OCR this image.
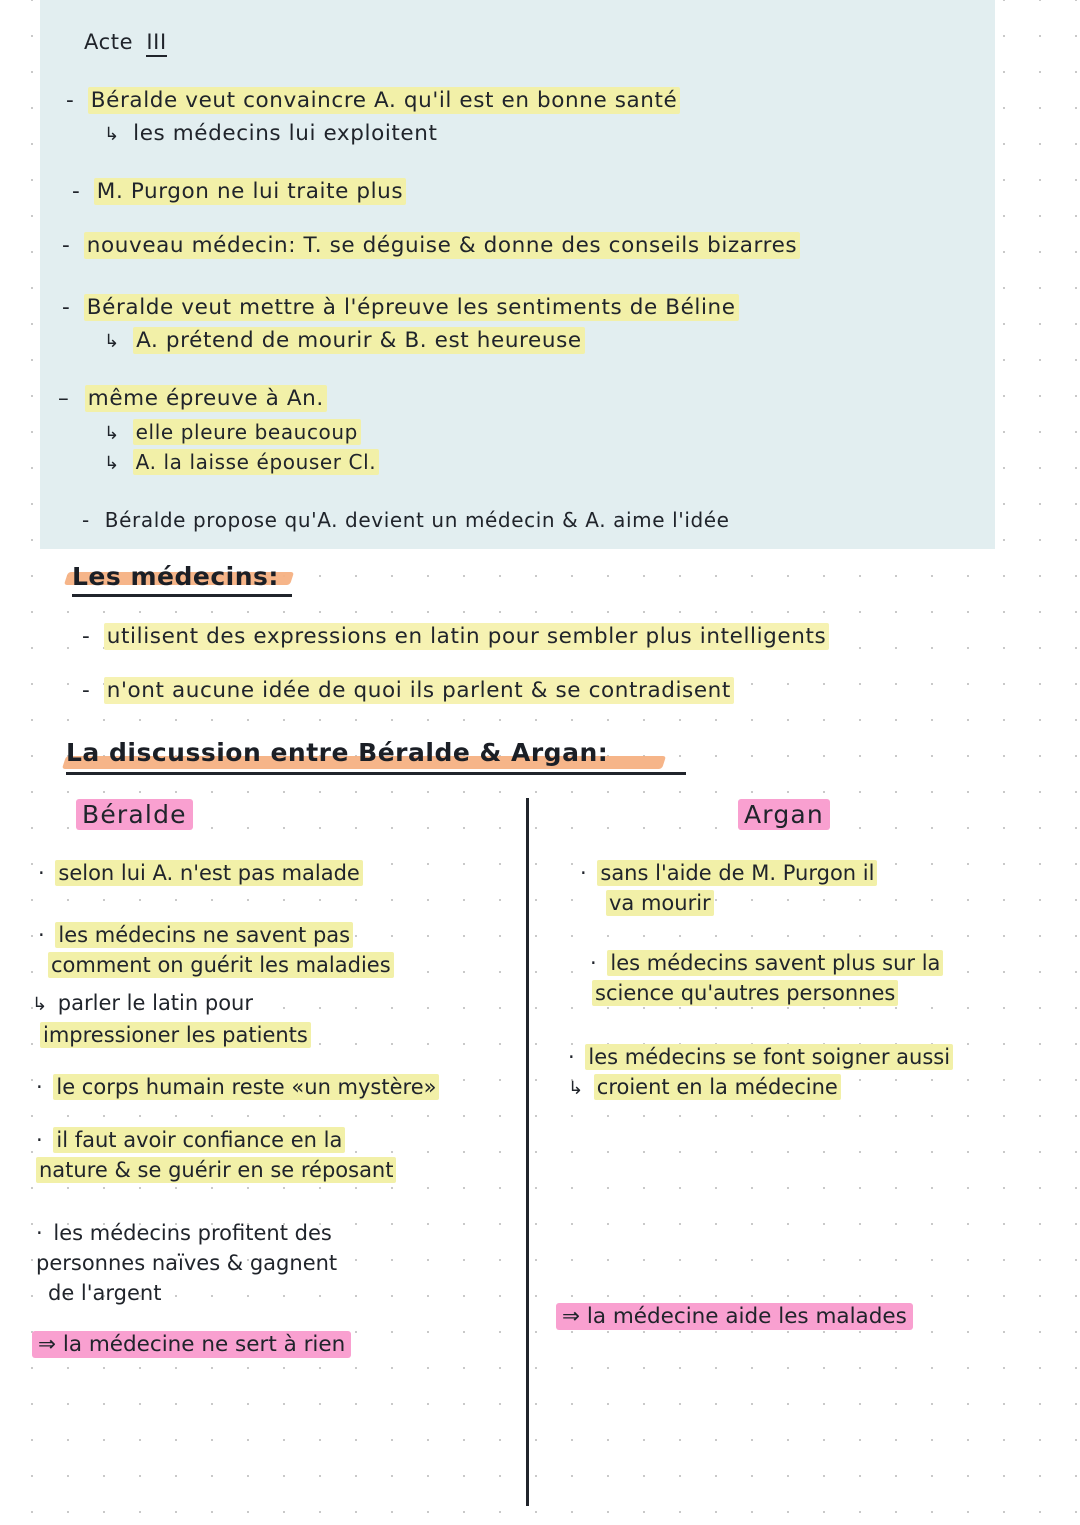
Acte III
- Béralde veut convaincre A. qu'il est en bonne santé
↳ les médecins lui exploitent
- M. Purgon ne lui traite plus
- nouveau médecin: T. se déguise & donne des conseils bizarres
- Béralde veut mettre à l'épreuve les sentiments de Béline
↳ A. prétend de mourir & B. est heureuse
– même épreuve à An.
↳ elle pleure beaucoup
↳ A. la laisse épouser Cl.
- Béralde propose qu'A. devient un médecin & A. aime l'idée
Les médecins:
- utilisent des expressions en latin pour sembler plus intelligents
- n'ont aucune idée de quoi ils parlent & se contradisent
La discussion entre Béralde & Argan:
Béralde	Argan
· selon lui A. n'est pas malade
· les médecins ne savent pas
comment on guérit les maladies
↳ parler le latin pour
impressioner les patients
· le corps humain reste «un mystère»
· il faut avoir confiance en la
nature & se guérir en se réposant
· les médecins profitent des
personnes naïves & gagnent
de l'argent
⇒ la médecine ne sert à rien
· sans l'aide de M. Purgon il
va mourir
· les médecins savent plus sur la
science qu'autres personnes
· les médecins se font soigner aussi
↳ croient en la médecine
⇒ la médecine aide les malades
